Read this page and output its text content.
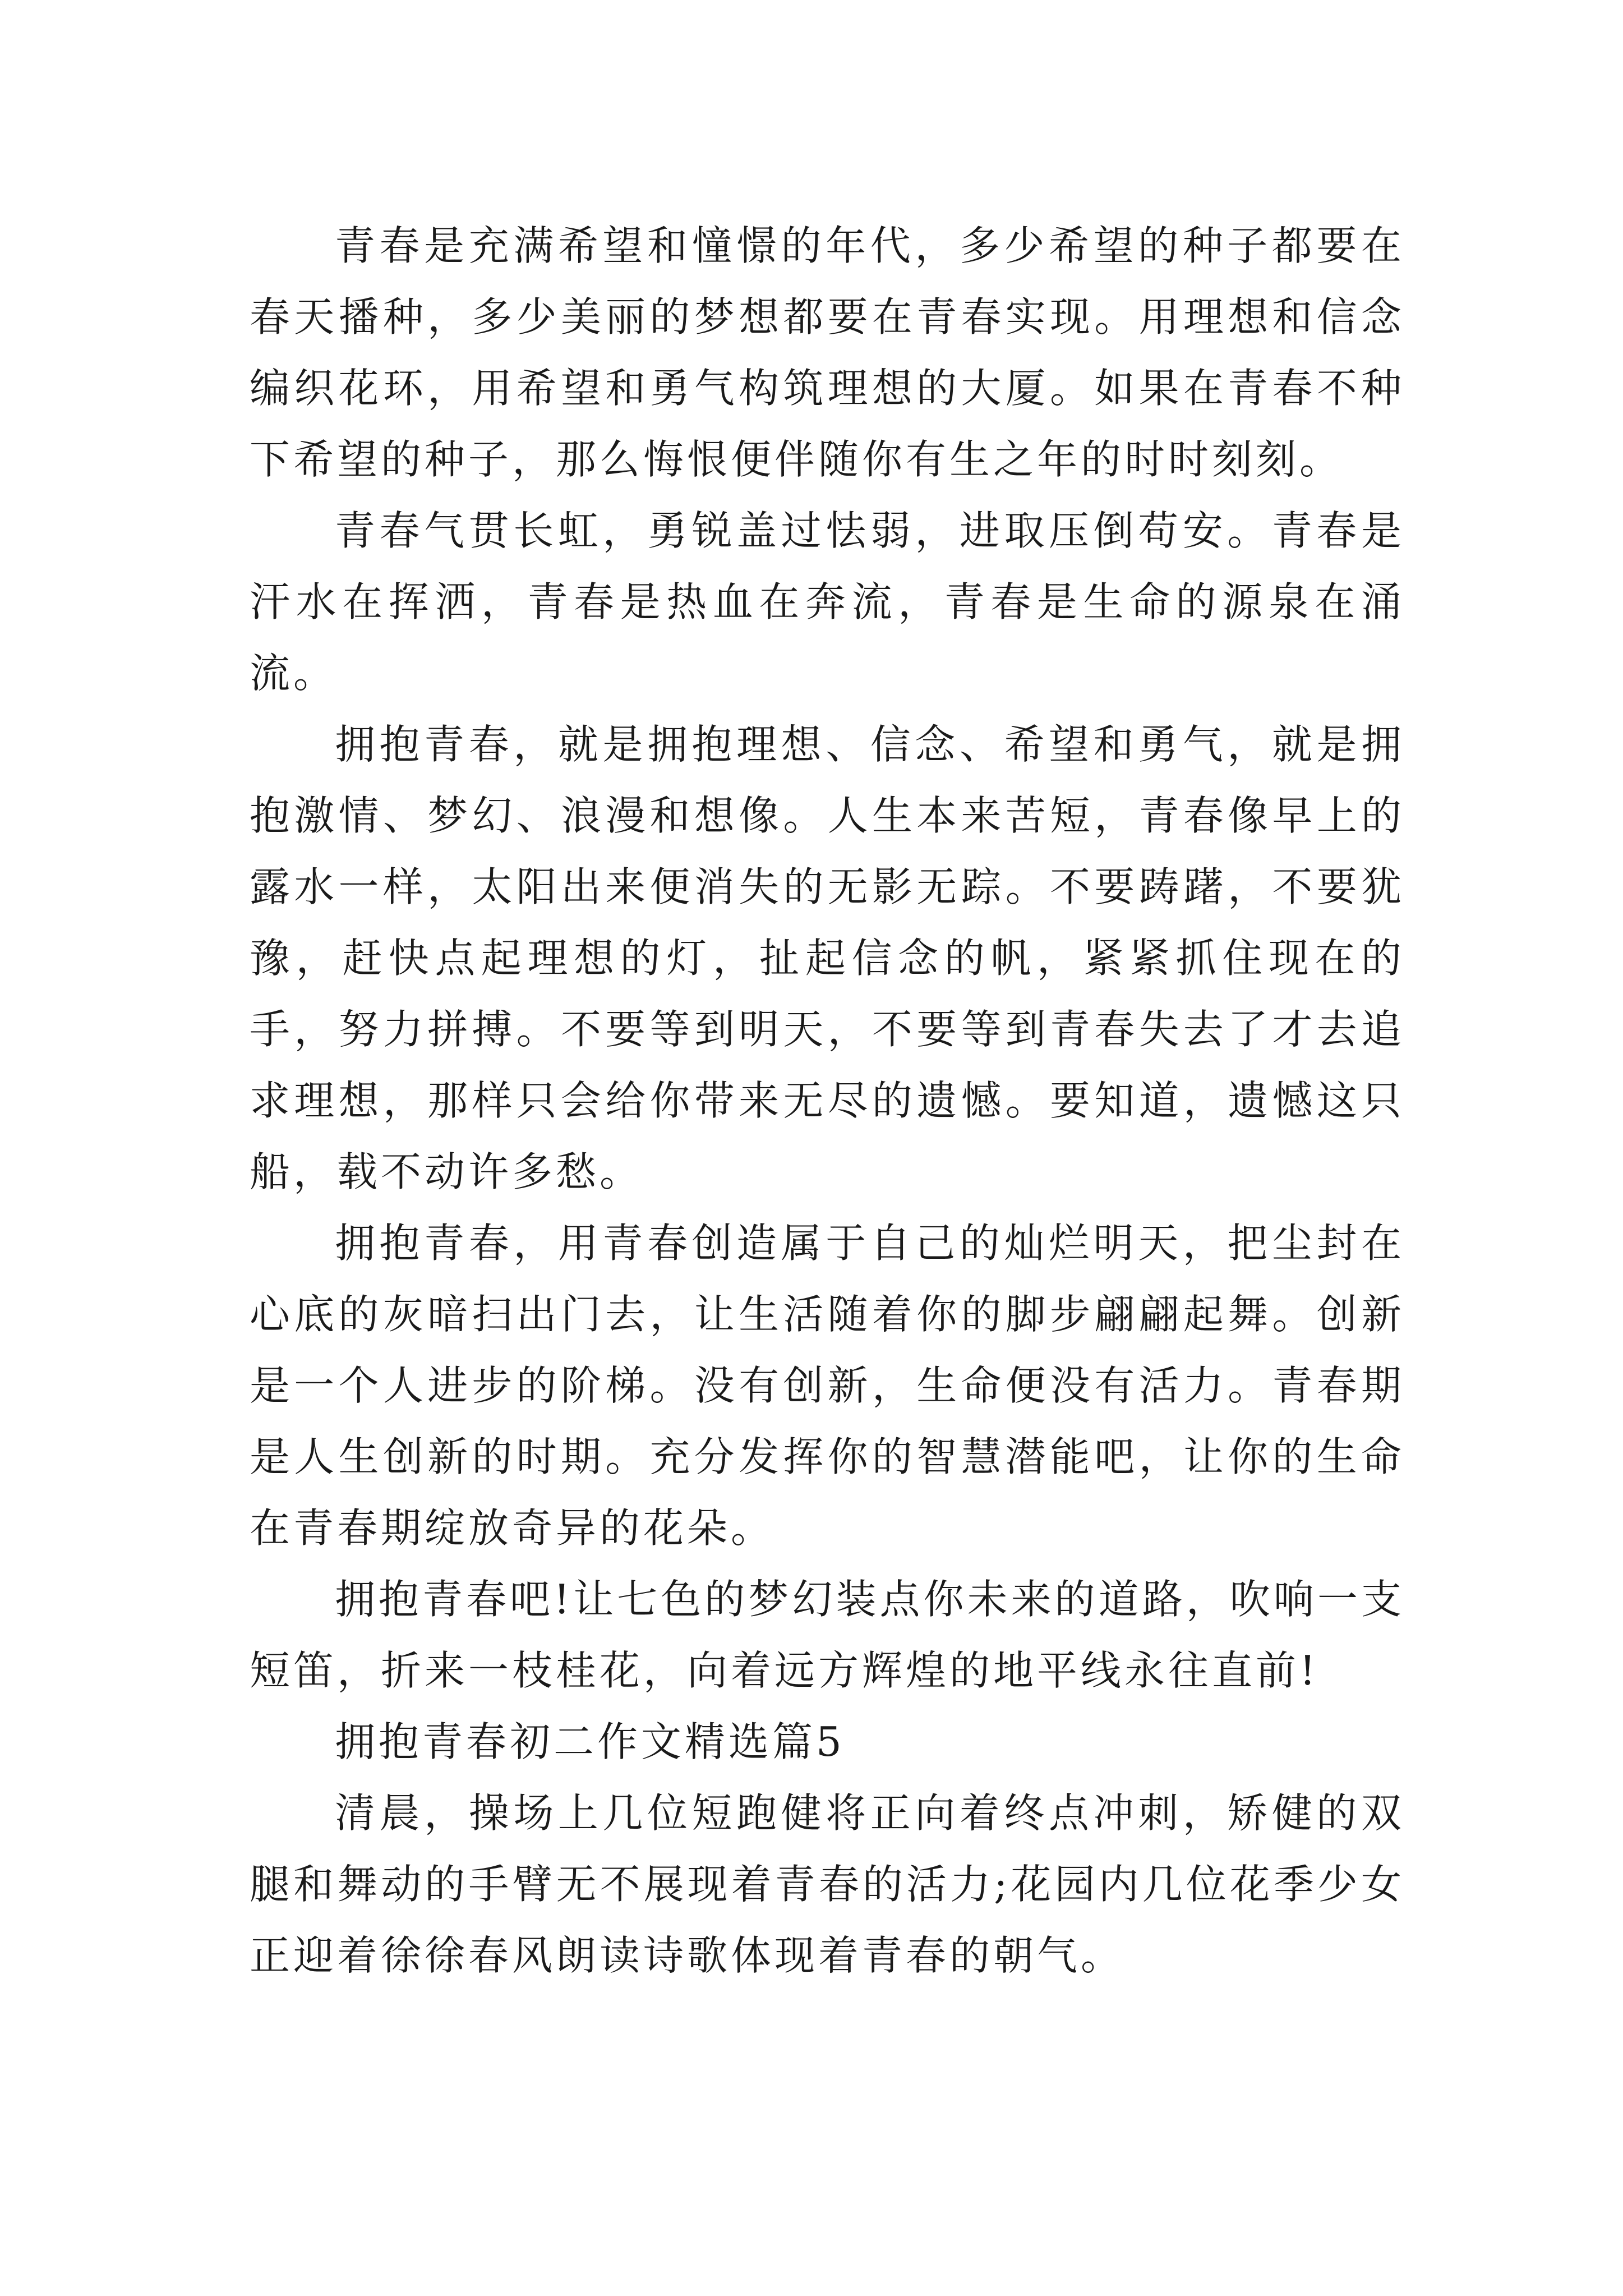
青春是充满希望和憧憬的年代，多少希望的种子都要在春天播种，多少美丽的梦想都要在青春实现。用理想和信念编织花环，用希望和勇气构筑理想的大厦。如果在青春不种下希望的种子，那么悔恨便伴随你有生之年的时时刻刻。

青春气贯长虹，勇锐盖过怯弱，进取压倒苟安。青春是汗水在挥洒，青春是热血在奔流，青春是生命的源泉在涌流。

拥抱青春，就是拥抱理想、信念、希望和勇气，就是拥抱激情、梦幻、浪漫和想像。人生本来苦短，青春像早上的露水一样，太阳出来便消失的无影无踪。不要踌躇，不要犹豫，赶快点起理想的灯，扯起信念的帆，紧紧抓住现在的手，努力拼搏。不要等到明天，不要等到青春失去了才去追求理想，那样只会给你带来无尽的遗憾。要知道，遗憾这只船，载不动许多愁。

拥抱青春，用青春创造属于自己的灿烂明天，把尘封在心底的灰暗扫出门去，让生活随着你的脚步翩翩起舞。创新是一个人进步的阶梯。没有创新，生命便没有活力。青春期是人生创新的时期。充分发挥你的智慧潜能吧，让你的生命在青春期绽放奇异的花朵。

拥抱青春吧!让七色的梦幻装点你未来的道路，吹响一支短笛，折来一枝桂花，向着远方辉煌的地平线永往直前!

拥抱青春初二作文精选篇5

清晨，操场上几位短跑健将正向着终点冲刺，矫健的双腿和舞动的手臂无不展现着青春的活力;花园内几位花季少女正迎着徐徐春风朗读诗歌体现着青春的朝气。
